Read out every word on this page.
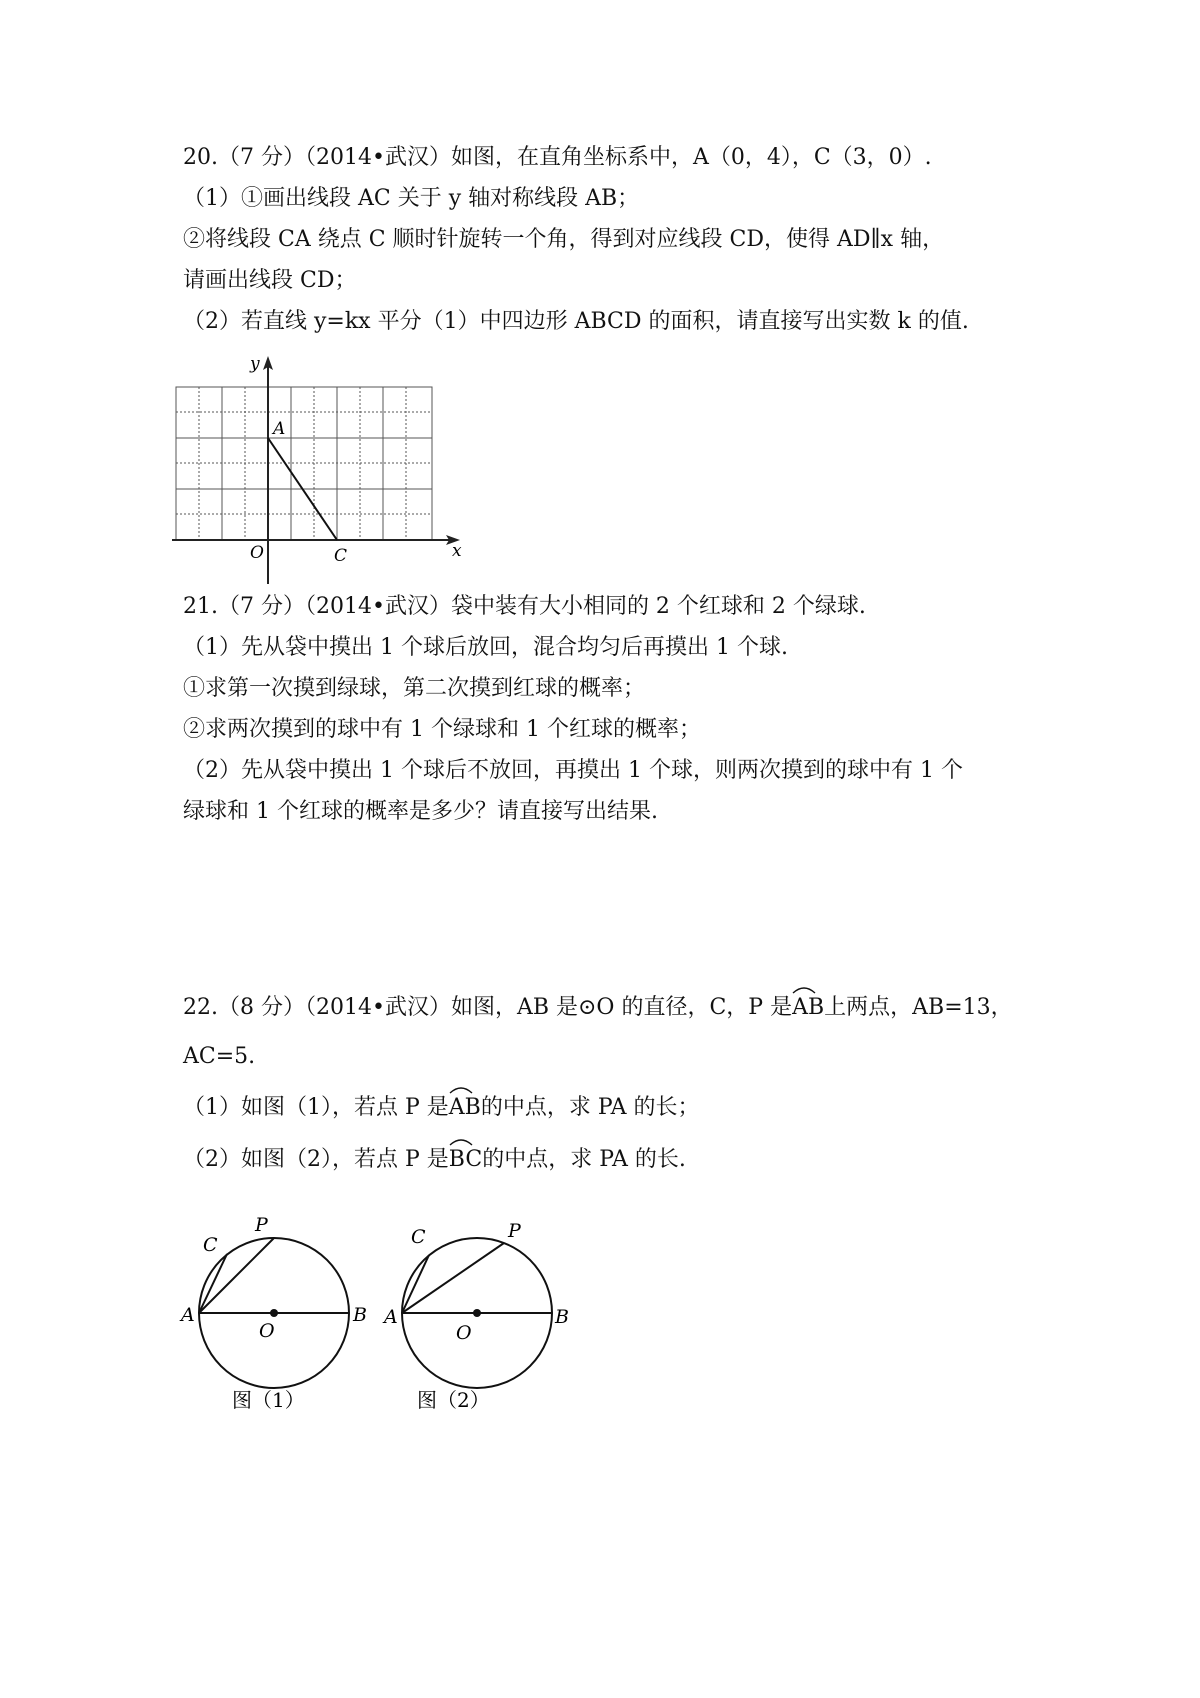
20.（7 分）（2014•武汉）如图，在直角坐标系中，A（0，4），C（3，0）.
（1）①画出线段 AC 关于 y 轴对称线段 AB；
②将线段 CA 绕点 C 顺时针旋转一个角，得到对应线段 CD，使得 AD∥x 轴，
请画出线段 CD；
（2）若直线 y=kx 平分（1）中四边形 ABCD 的面积，请直接写出实数 k 的值.
y
x
A
O	C
21.（7 分）（2014•武汉）袋中装有大小相同的 2 个红球和 2 个绿球.
（1）先从袋中摸出 1 个球后放回，混合均匀后再摸出 1 个球.
①求第一次摸到绿球，第二次摸到红球的概率；
②求两次摸到的球中有 1 个绿球和 1 个红球的概率；
（2）先从袋中摸出 1 个球后不放回，再摸出 1 个球，则两次摸到的球中有 1 个
绿球和 1 个红球的概率是多少？请直接写出结果.
22.（8 分）（2014•武汉）如图，AB 是⊙O 的直径，C，P 是
AB上两点，AB=13，
AC=5.
（1）如图（1），若点 P 是
AB的中点，求 PA 的长；
（2）如图（2），若点 P 是
BC的中点，求 PA 的长.
C
P
A	B
O
图（1）
C	P
A	B
O
图（2）
